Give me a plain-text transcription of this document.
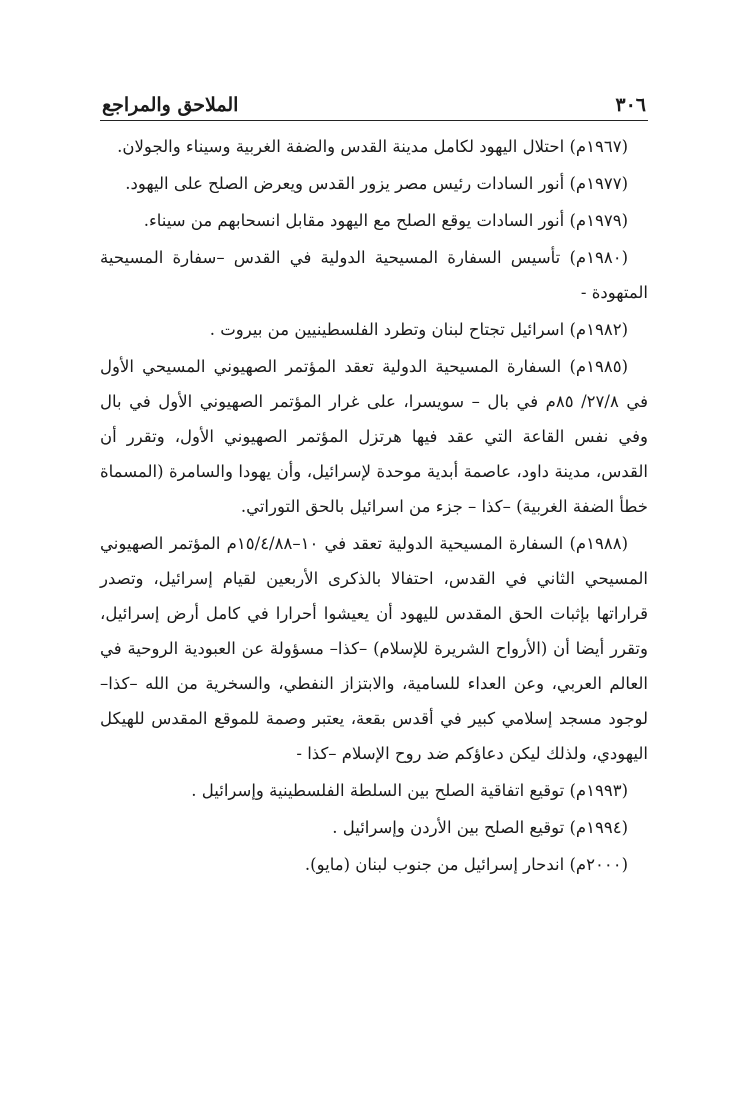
٣٠٦
الملاحق والمراجع

(١٩٦٧م) احتلال اليهود لكامل مدينة القدس والضفة الغربية وسيناء والجولان.

(١٩٧٧م) أنور السادات رئيس مصر يزور القدس ويعرض الصلح على اليهود.

(١٩٧٩م) أنور السادات يوقع الصلح مع اليهود مقابل انسحابهم من سيناء.

(١٩٨٠م) تأسيس السفارة المسيحية الدولية في القدس –سفارة المسيحية المتهودة -

(١٩٨٢م) اسرائيل تجتاح لبنان وتطرد الفلسطينيين من بيروت .

(١٩٨٥م) السفارة المسيحية الدولية تعقد المؤتمر الصهيوني المسيحي الأول في ٢٧/٨/ ٨٥م في بال – سويسرا، على غرار المؤتمر الصهيوني الأول في بال وفي نفس القاعة التي عقد فيها هرتزل المؤتمر الصهيوني الأول، وتقرر أن القدس، مدينة داود، عاصمة أبدية موحدة لإسرائيل، وأن يهودا والسامرة (المسماة خطأ الضفة الغربية) –كذا – جزء من اسرائيل بالحق التوراتي.

(١٩٨٨م) السفارة المسيحية الدولية تعقد في ١٠–١٥/٤/٨٨م المؤتمر الصهيوني المسيحي الثاني في القدس، احتفالا بالذكرى الأربعين لقيام إسرائيل، وتصدر قراراتها بإثبات الحق المقدس لليهود أن يعيشوا أحرارا في كامل أرض إسرائيل، وتقرر أيضا أن (الأرواح الشريرة للإسلام) –كذا– مسؤولة عن العبودية الروحية في العالم العربي، وعن العداء للسامية، والابتزاز النفطي، والسخرية من الله –كذا– لوجود مسجد إسلامي كبير في أقدس بقعة، يعتبر وصمة للموقع المقدس للهيكل اليهودي، ولذلك ليكن دعاؤكم ضد روح الإسلام –كذا -

(١٩٩٣م) توقيع اتفاقية الصلح بين السلطة الفلسطينية وإسرائيل .

(١٩٩٤م) توقيع الصلح بين الأردن وإسرائيل .

(٢٠٠٠م) اندحار إسرائيل من جنوب لبنان (مايو).
